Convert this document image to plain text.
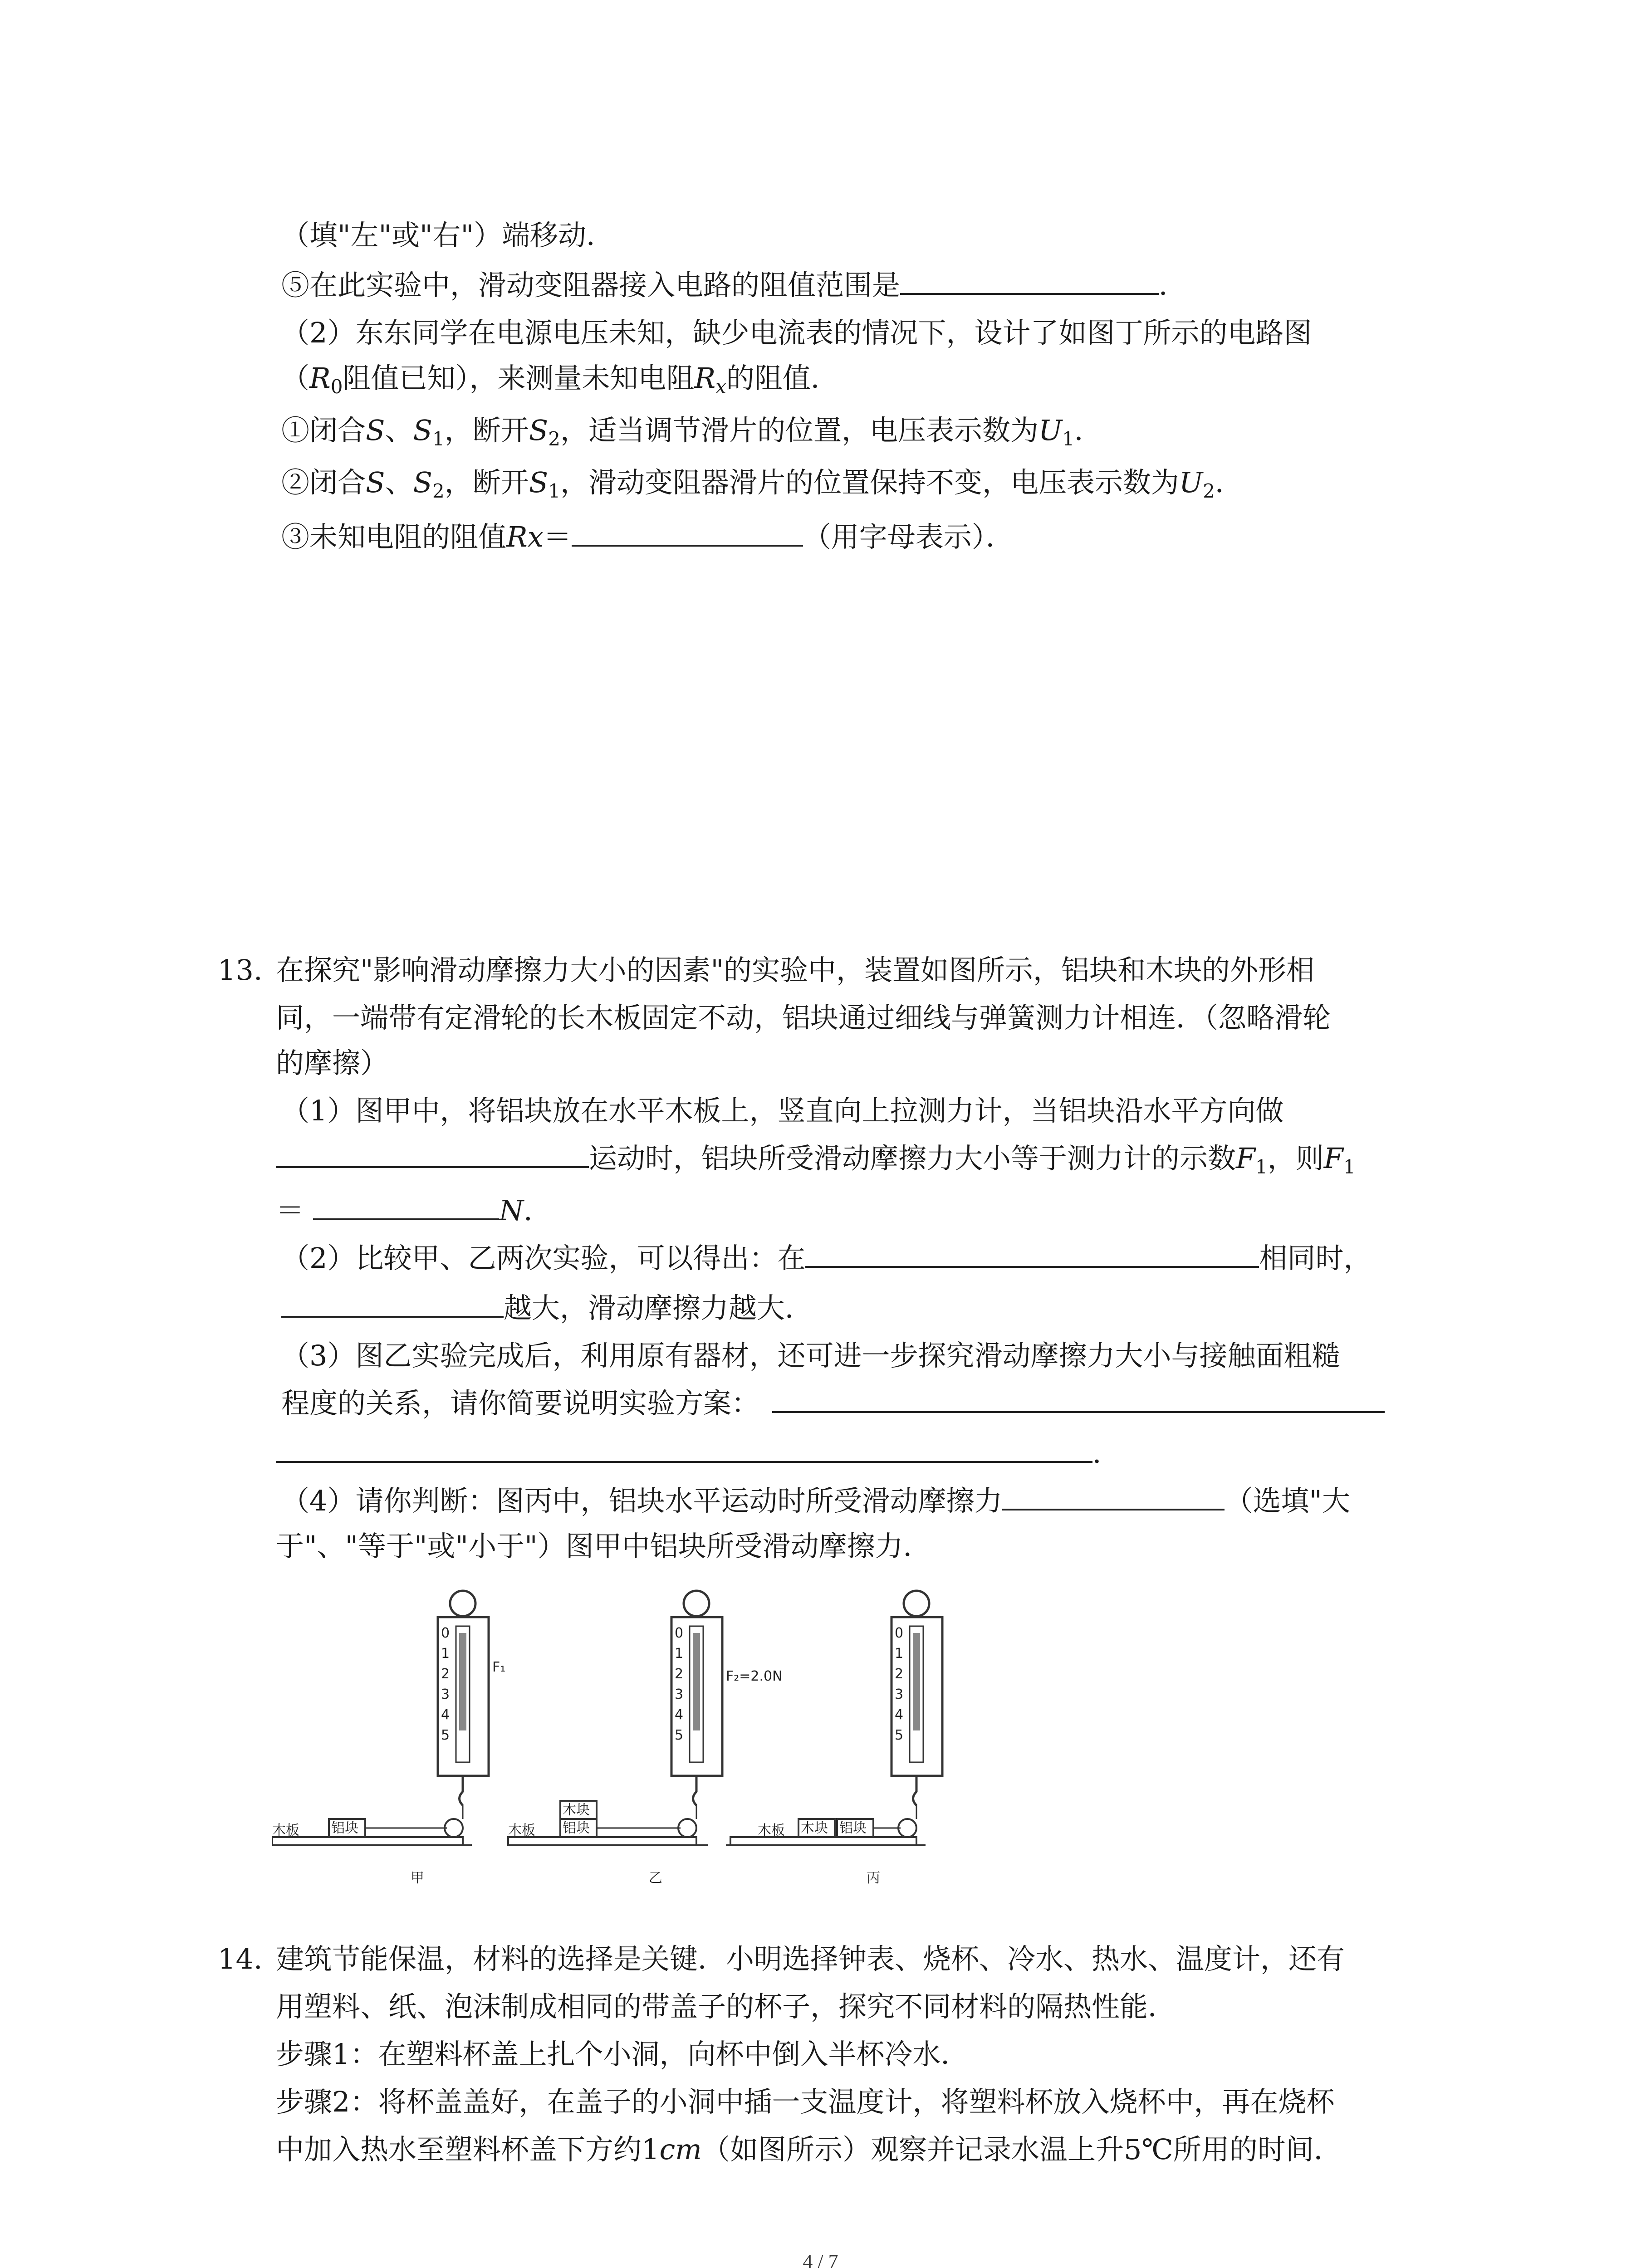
（填"左"或"右"）端移动．
⑤在此实验中，滑动变阻器接入电路的阻值范围是	．
（2）东东同学在电源电压未知，缺少电流表的情况下，设计了如图丁所示的电路图
（$R_0$阻值已知），来测量未知电阻$R_x$的阻值．
①闭合S、$S_1$，断开$S_2$，适当调节滑片的位置，电压表示数为$U_1$．
②闭合S、$S_2$，断开$S_1$，滑动变阻器滑片的位置保持不变，电压表示数为$U_2$．
③未知电阻的阻值Rx＝	（用字母表示）．
13. 在探究"影响滑动摩擦力大小的因素"的实验中，装置如图所示，铝块和木块的外形相
同，一端带有定滑轮的长木板固定不动，铝块通过细线与弹簧测力计相连．（忽略滑轮
的摩擦）
（1）图甲中，将铝块放在水平木板上，竖直向上拉测力计，当铝块沿水平方向做
运动时，铝块所受滑动摩擦力大小等于测力计的示数$F_1$，则$F_1$
＝	N．
（2）比较甲、乙两次实验，可以得出：在	相同时，
越大，滑动摩擦力越大．
（3）图乙实验完成后，利用原有器材，还可进一步探究滑动摩擦力大小与接触面粗糙
程度的关系，请你简要说明实验方案：
．
（4）请你判断：图丙中，铝块水平运动时所受滑动摩擦力	（选填"大
于"、"等于"或"小于"）图甲中铝块所受滑动摩擦力．
0
1
2
3
4
5
F₁
铝块
木板
甲
0
1
2
3
4
5
F₂=2.0N
铝块
木块
木板
乙
0
1
2
3
4
5
木块 铝块
木板
丙
14. 建筑节能保温，材料的选择是关键．小明选择钟表、烧杯、冷水、热水、温度计，还有
用塑料、纸、泡沫制成相同的带盖子的杯子，探究不同材料的隔热性能．
步骤1：在塑料杯盖上扎个小洞，向杯中倒入半杯冷水．
步骤2：将杯盖盖好，在盖子的小洞中插一支温度计，将塑料杯放入烧杯中，再在烧杯
中加入热水至塑料杯盖下方约1cm（如图所示）观察并记录水温上升5℃所用的时间．
4 / 7
